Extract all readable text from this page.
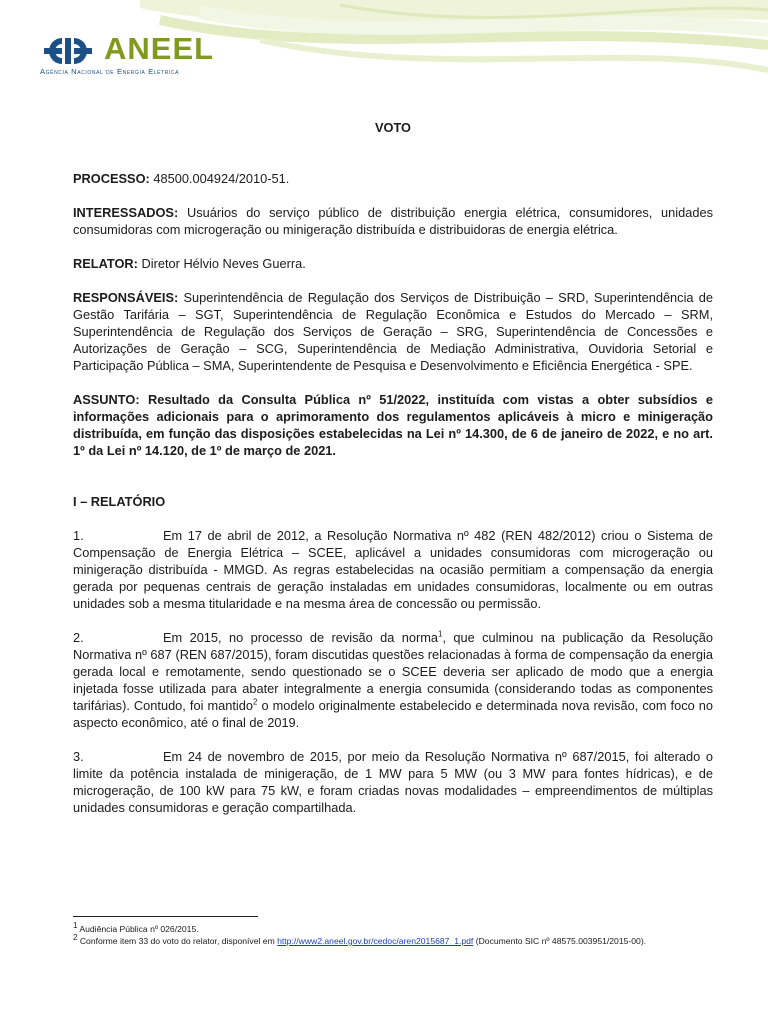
ANEEL
Agência Nacional de Energia Elétrica

VOTO

PROCESSO: 48500.004924/2010-51.

INTERESSADOS: Usuários do serviço público de distribuição energia elétrica, consumidores, unidades consumidoras com microgeração ou minigeração distribuída e distribuidoras de energia elétrica.

RELATOR: Diretor Hélvio Neves Guerra.

RESPONSÁVEIS: Superintendência de Regulação dos Serviços de Distribuição – SRD, Superintendência de Gestão Tarifária – SGT, Superintendência de Regulação Econômica e Estudos do Mercado – SRM, Superintendência de Regulação dos Serviços de Geração – SRG, Superintendência de Concessões e Autorizações de Geração – SCG, Superintendência de Mediação Administrativa, Ouvidoria Setorial e Participação Pública – SMA, Superintendente de Pesquisa e Desenvolvimento e Eficiência Energética - SPE.

ASSUNTO: Resultado da Consulta Pública nº 51/2022, instituída com vistas a obter subsídios e informações adicionais para o aprimoramento dos regulamentos aplicáveis à micro e minigeração distribuída, em função das disposições estabelecidas na Lei nº 14.300, de 6 de janeiro de 2022, e no art. 1º da Lei nº 14.120, de 1º de março de 2021.

I – RELATÓRIO

1.	Em 17 de abril de 2012, a Resolução Normativa nº 482 (REN 482/2012) criou o Sistema de Compensação de Energia Elétrica – SCEE, aplicável a unidades consumidoras com microgeração ou minigeração distribuída - MMGD. As regras estabelecidas na ocasião permitiam a compensação da energia gerada por pequenas centrais de geração instaladas em unidades consumidoras, localmente ou em outras unidades sob a mesma titularidade e na mesma área de concessão ou permissão.

2.	Em 2015, no processo de revisão da norma$^1$, que culminou na publicação da Resolução Normativa nº 687 (REN 687/2015), foram discutidas questões relacionadas à forma de compensação da energia gerada local e remotamente, sendo questionado se o SCEE deveria ser aplicado de modo que a energia injetada fosse utilizada para abater integralmente a energia consumida (considerando todas as componentes tarifárias). Contudo, foi mantido$^2$ o modelo originalmente estabelecido e determinada nova revisão, com foco no aspecto econômico, até o final de 2019.

3.	Em 24 de novembro de 2015, por meio da Resolução Normativa nº 687/2015, foi alterado o limite da potência instalada de minigeração, de 1 MW para 5 MW (ou 3 MW para fontes hídricas), e de microgeração, de 100 kW para 75 kW, e foram criadas novas modalidades – empreendimentos de múltiplas unidades consumidoras e geração compartilhada.

$^1$ Audiência Pública nº 026/2015.
$^2$ Conforme item 33 do voto do relator, disponível em http://www2.aneel.gov.br/cedoc/aren2015687_1.pdf (Documento SIC nº 48575.003951/2015-00).
